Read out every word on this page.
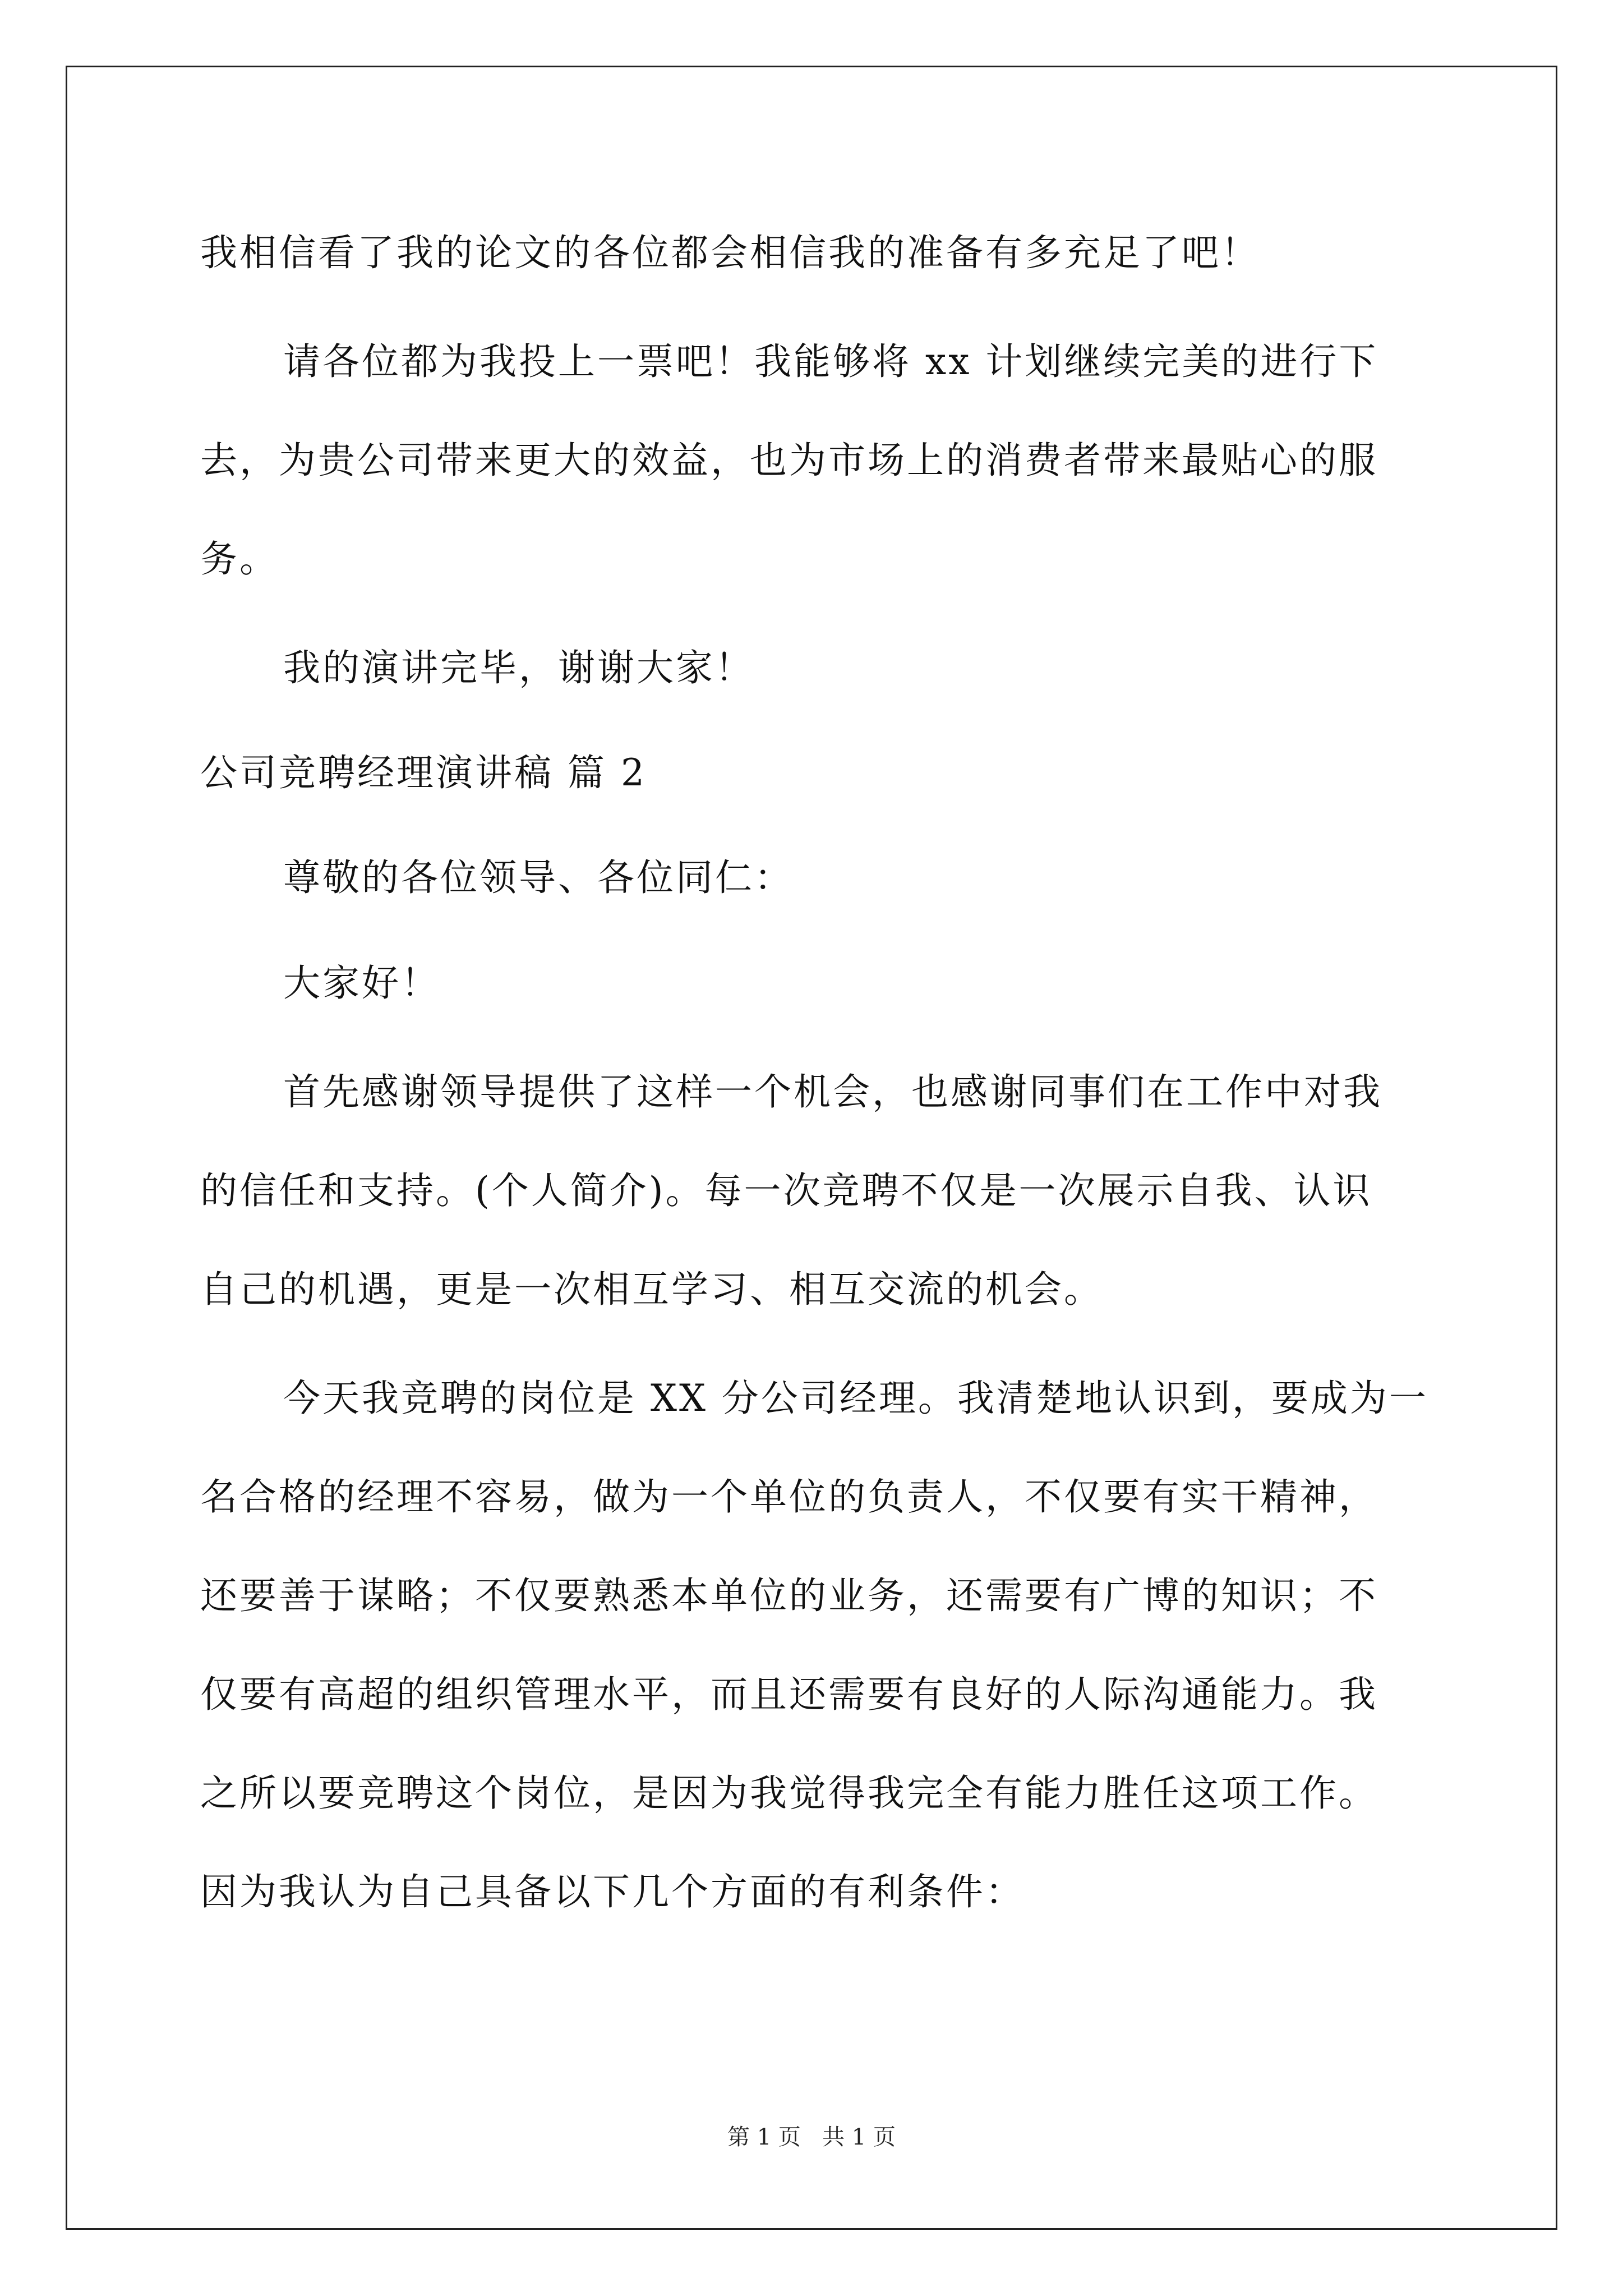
我相信看了我的论文的各位都会相信我的准备有多充足了吧！
请各位都为我投上一票吧！我能够将 xx 计划继续完美的进行下
去，为贵公司带来更大的效益，也为市场上的消费者带来最贴心的服
务。
我的演讲完毕，谢谢大家！
公司竞聘经理演讲稿 篇 2
尊敬的各位领导、各位同仁：
大家好！
首先感谢领导提供了这样一个机会，也感谢同事们在工作中对我
的信任和支持。(个人简介)。每一次竞聘不仅是一次展示自我、认识
自己的机遇，更是一次相互学习、相互交流的机会。
今天我竞聘的岗位是 XX 分公司经理。我清楚地认识到，要成为一
名合格的经理不容易，做为一个单位的负责人，不仅要有实干精神，
还要善于谋略；不仅要熟悉本单位的业务，还需要有广博的知识；不
仅要有高超的组织管理水平，而且还需要有良好的人际沟通能力。我
之所以要竞聘这个岗位，是因为我觉得我完全有能力胜任这项工作。
因为我认为自己具备以下几个方面的有利条件：
第 1 页   共 1 页
